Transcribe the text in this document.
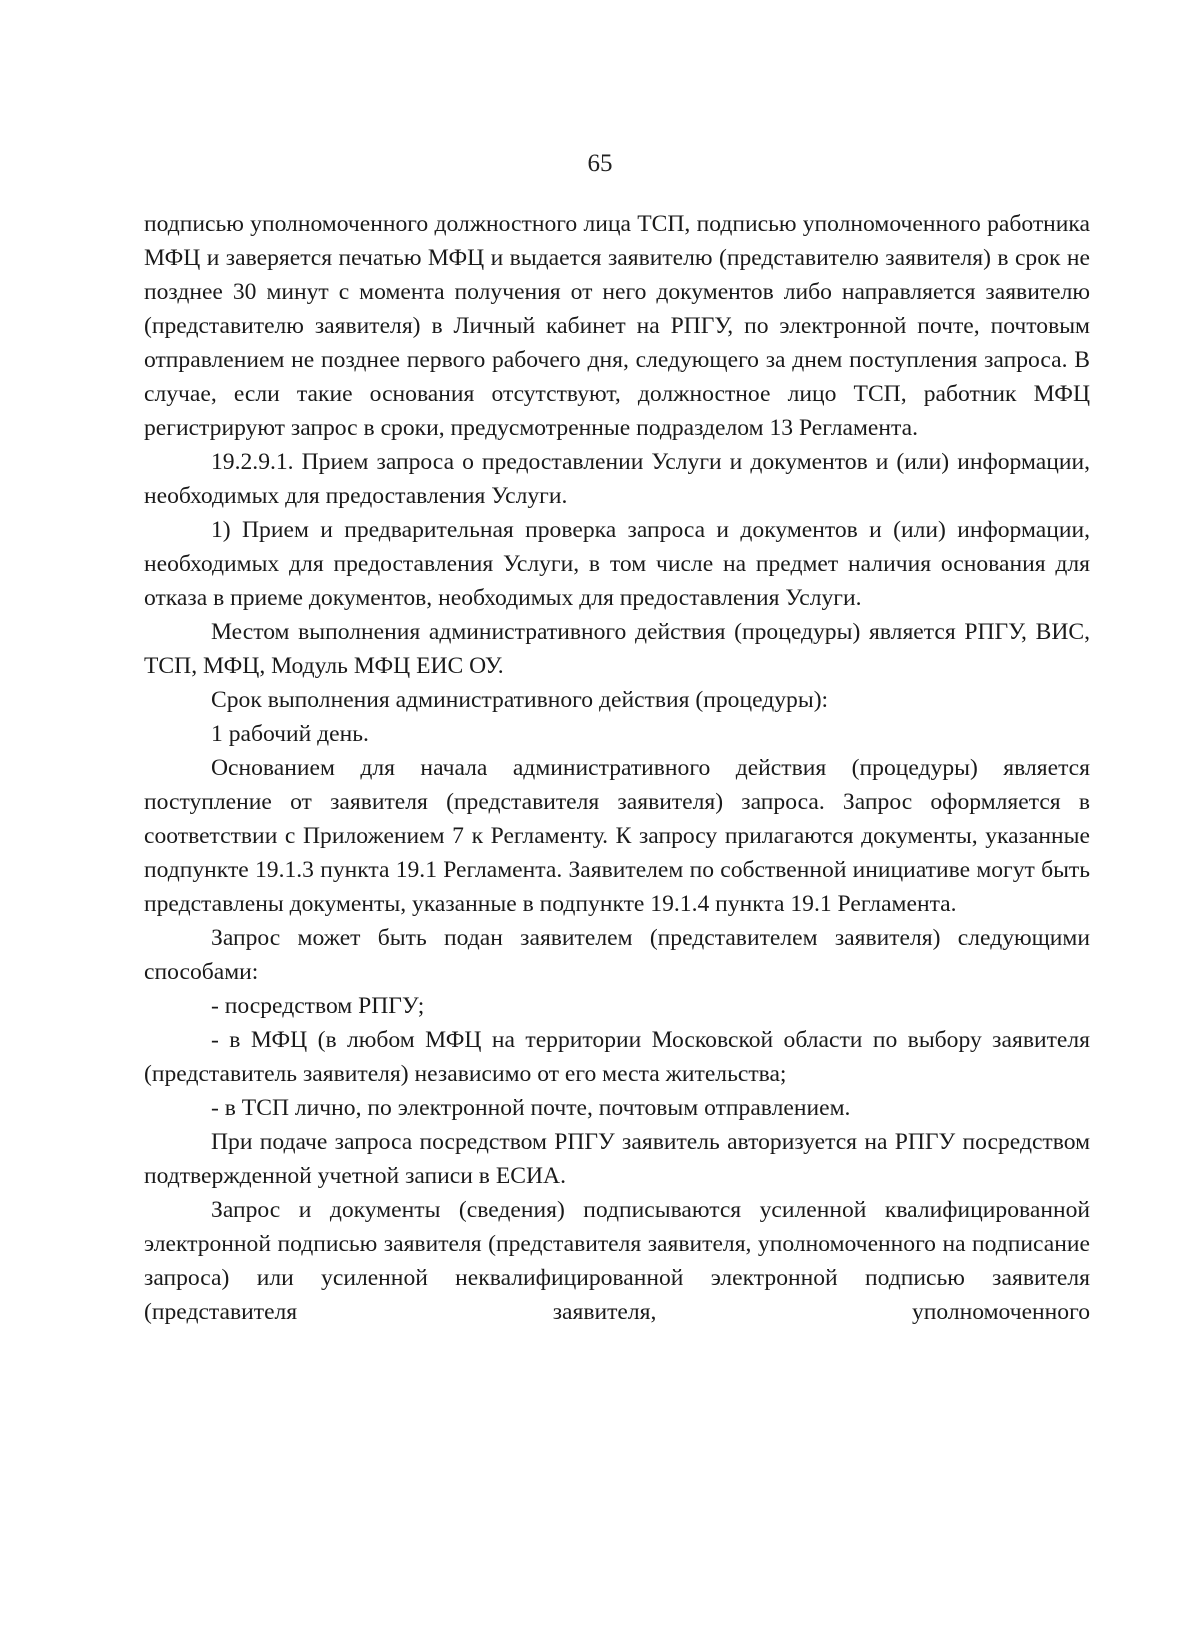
65

подписью уполномоченного должностного лица ТСП, подписью уполномоченного работника МФЦ и заверяется печатью МФЦ и выдается заявителю (представителю заявителя) в срок не позднее 30 минут с момента получения от него документов либо направляется заявителю (представителю заявителя) в Личный кабинет на РПГУ, по электронной почте, почтовым отправлением не позднее первого рабочего дня, следующего за днем поступления запроса. В случае, если такие основания отсутствуют, должностное лицо ТСП, работник МФЦ регистрируют запрос в сроки, предусмотренные подразделом 13 Регламента.

19.2.9.1. Прием запроса о предоставлении Услуги и документов и (или) информации, необходимых для предоставления Услуги.

1) Прием и предварительная проверка запроса и документов и (или) информации, необходимых для предоставления Услуги, в том числе на предмет наличия основания для отказа в приеме документов, необходимых для предоставления Услуги.

Местом выполнения административного действия (процедуры) является РПГУ, ВИС, ТСП, МФЦ, Модуль МФЦ ЕИС ОУ.

Срок выполнения административного действия (процедуры):

1 рабочий день.

Основанием для начала административного действия (процедуры) является поступление от заявителя (представителя заявителя) запроса. Запрос оформляется в соответствии с Приложением 7 к Регламенту. К запросу прилагаются документы, указанные подпункте 19.1.3 пункта 19.1 Регламента. Заявителем по собственной инициативе могут быть представлены документы, указанные в подпункте 19.1.4 пункта 19.1 Регламента.

Запрос может быть подан заявителем (представителем заявителя) следующими способами:

- посредством РПГУ;

- в МФЦ (в любом МФЦ на территории Московской области по выбору заявителя (представитель заявителя) независимо от его места жительства;

- в ТСП лично, по электронной почте, почтовым отправлением.

При подаче запроса посредством РПГУ заявитель авторизуется на РПГУ посредством подтвержденной учетной записи в ЕСИА.

Запрос и документы (сведения) подписываются усиленной квалифицированной электронной подписью заявителя (представителя заявителя, уполномоченного на подписание запроса) или усиленной неквалифицированной электронной подписью заявителя (представителя заявителя, уполномоченного
